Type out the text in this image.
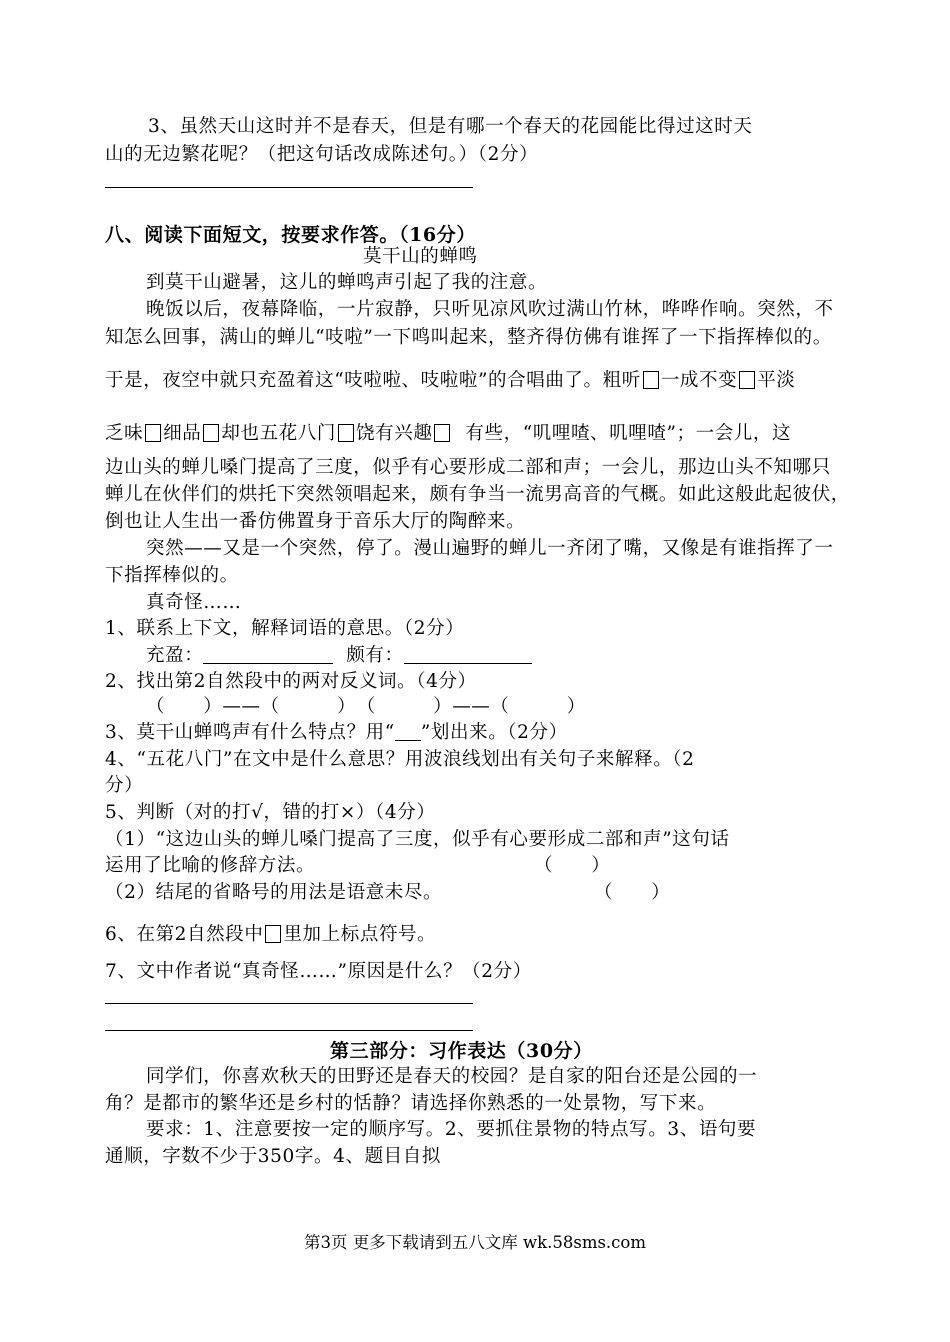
3、虽然天山这时并不是春天，但是有哪一个春天的花园能比得过这时天
山的无边繁花呢？（把这句话改成陈述句。）（2分）
八、阅读下面短文，按要求作答。（16分）
莫干山的蝉鸣
到莫干山避暑，这儿的蝉鸣声引起了我的注意。
晚饭以后，夜幕降临，一片寂静，只听见凉风吹过满山竹林，哗哗作响。突然，不
知怎么回事，满山的蝉儿“吱啦”一下鸣叫起来，整齐得仿佛有谁挥了一下指挥棒似的。
于是，夜空中就只充盈着这“吱啦啦、吱啦啦”的合唱曲了。粗听 一成不变 平淡
乏味 细品 却也五花八门 饶有兴趣 有些，“叽哩喳、叽哩喳”；一会儿，这
边山头的蝉儿嗓门提高了三度，似乎有心要形成二部和声；一会儿，那边山头不知哪只
蝉儿在伙伴们的烘托下突然领唱起来，颇有争当一流男高音的气概。如此这般此起彼伏，
倒也让人生出一番仿佛置身于音乐大厅的陶醉来。
突然——又是一个突然，停了。漫山遍野的蝉儿一齐闭了嘴，又像是有谁指挥了一
下指挥棒似的。
真奇怪……
1、联系上下文，解释词语的意思。（2分）
充盈：	颇有：
2、找出第2自然段中的两对反义词。（4分）
（　　）——（　　　）　（　　　）——（　　　）
3、莫干山蝉鸣声有什么特点？用“ ”划出来。（2分）
4、“五花八门”在文中是什么意思？用波浪线划出有关句子来解释。（2
分）
5、判断（对的打√，错的打×）（4分）
（1）“这边山头的蝉儿嗓门提高了三度，似乎有心要形成二部和声”这句话
运用了比喻的修辞方法。	（　　）
（2）结尾的省略号的用法是语意未尽。	（　　）
6、在第2自然段中 里加上标点符号。
7、文中作者说“真奇怪……”原因是什么？（2分）
第三部分：习作表达（30分）
同学们，你喜欢秋天的田野还是春天的校园？是自家的阳台还是公园的一
角？是都市的繁华还是乡村的恬静？请选择你熟悉的一处景物，写下来。
要求：1、注意要按一定的顺序写。2、要抓住景物的特点写。3、语句要
通顺，字数不少于350字。4、题目自拟
第3页 更多下载请到五八文库 wk.58sms.com
